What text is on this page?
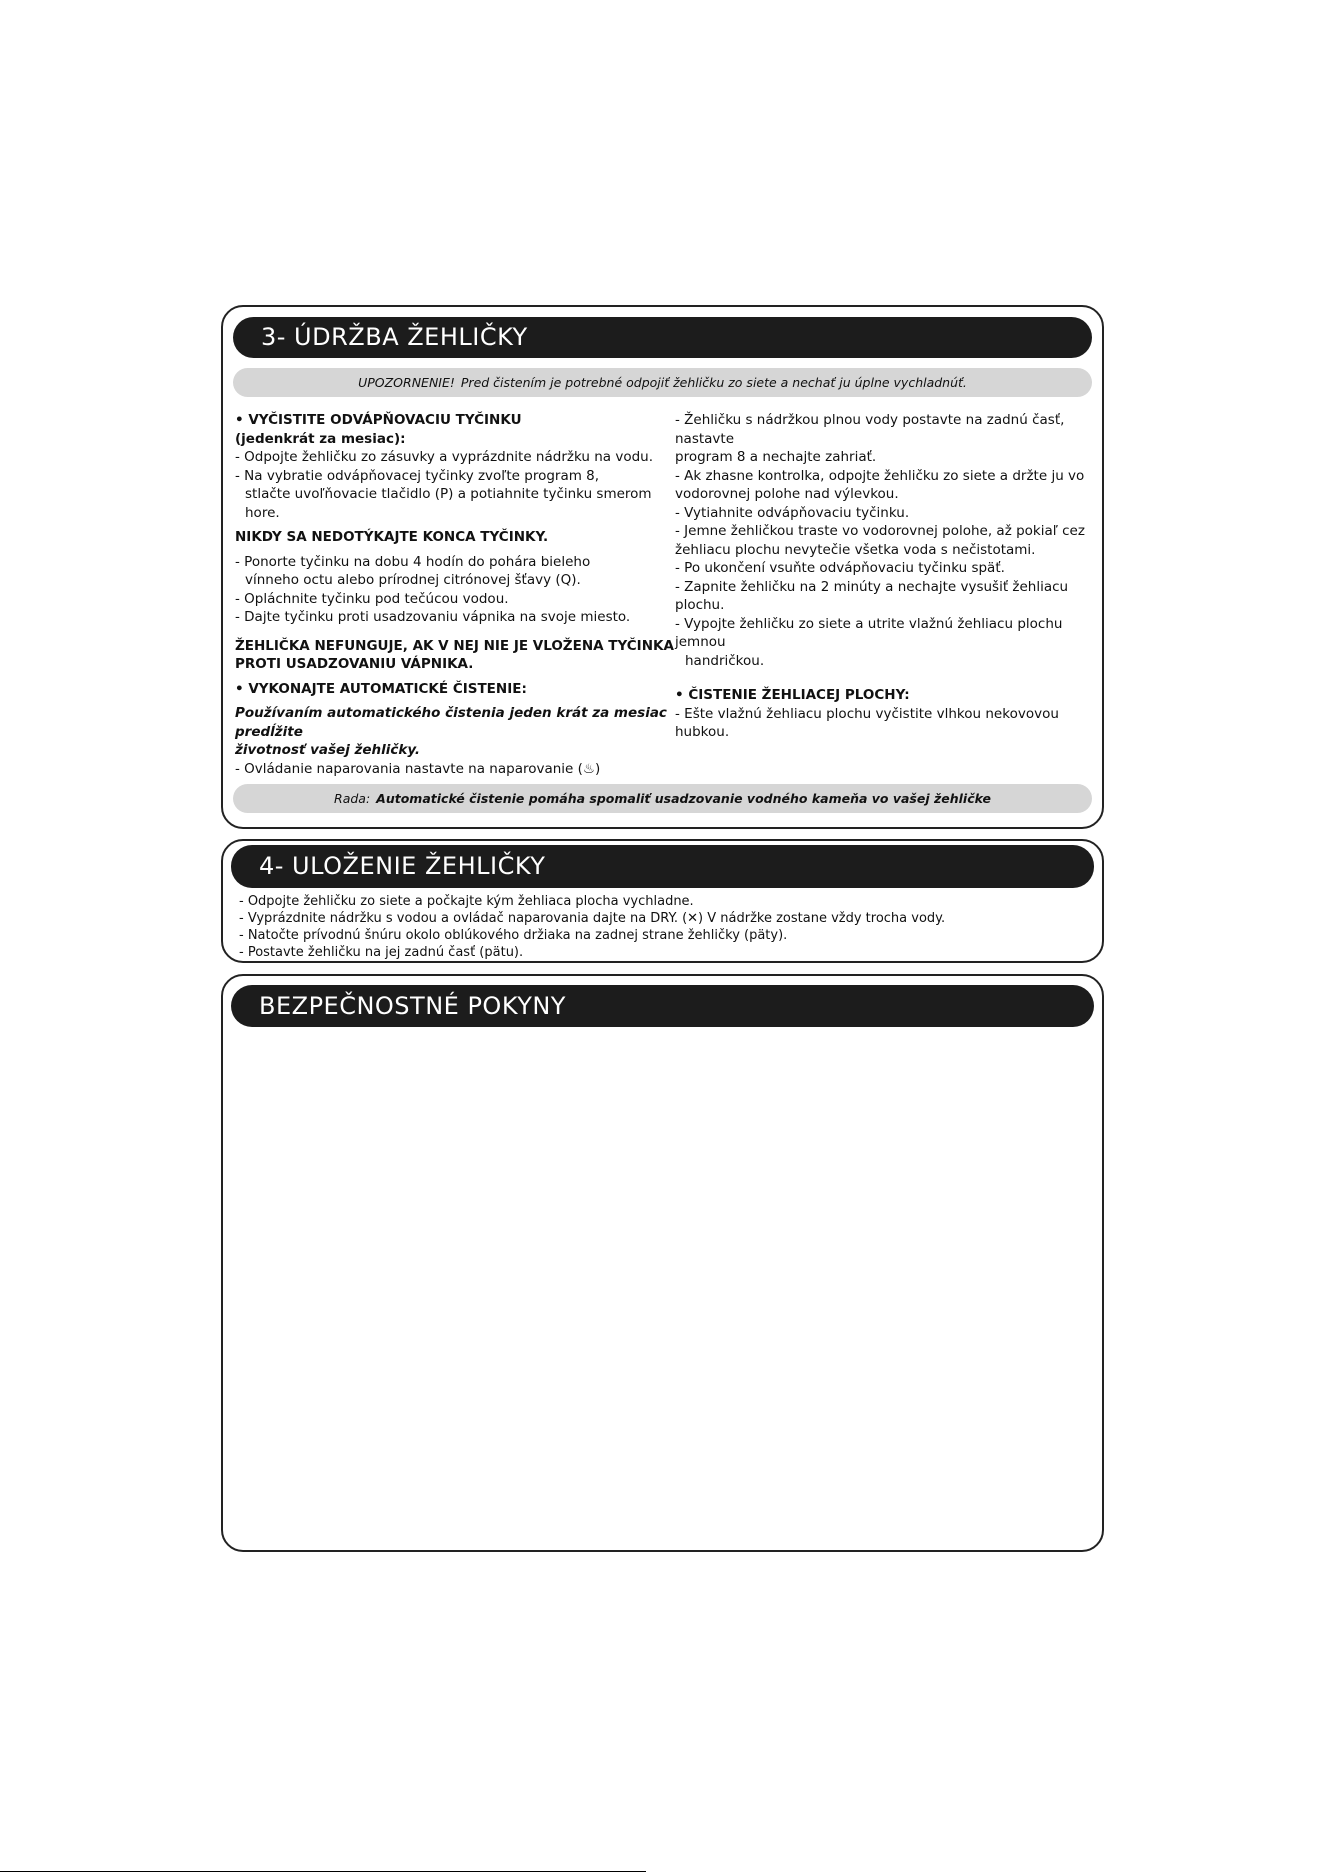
3- ÚDRŽBA ŽEHLIČKY
UPOZORNENIE! Pred čistením je potrebné odpojiť žehličku zo siete a nechať ju úplne vychladnúť.

• VYČISTITE ODVÁPŇOVACIU TYČINKU

(jedenkrát za mesiac):

- Odpojte žehličku zo zásuvky a vyprázdnite nádržku na vodu.

- Na vybratie odvápňovacej tyčinky zvoľte program 8,

stlačte uvoľňovacie tlačidlo (P) a potiahnite tyčinku smerom

hore.

NIKDY SA NEDOTÝKAJTE KONCA TYČINKY.

- Ponorte tyčinku na dobu 4 hodín do pohára bieleho

vínneho octu alebo prírodnej citrónovej šťavy (Q).

- Opláchnite tyčinku pod tečúcou vodou.

- Dajte tyčinku proti usadzovaniu vápnika na svoje miesto.

ŽEHLIČKA NEFUNGUJE, AK V NEJ NIE JE VLOŽENA TYČINKA

PROTI USADZOVANIU VÁPNIKA.

• VYKONAJTE AUTOMATICKÉ ČISTENIE:

Používaním automatického čistenia jeden krát za mesiac predĺžite

životnosť vašej žehličky.

- Ovládanie naparovania nastavte na naparovanie (♨)

- Žehličku s nádržkou plnou vody postavte na zadnú časť, nastavte

program 8 a nechajte zahriať.

- Ak zhasne kontrolka, odpojte žehličku zo siete a držte ju vo

vodorovnej polohe nad výlevkou.

- Vytiahnite odvápňovaciu tyčinku.

- Jemne žehličkou traste vo vodorovnej polohe, až pokiaľ cez

žehliacu plochu nevytečie všetka voda s nečistotami.

- Po ukončení vsuňte odvápňovaciu tyčinku späť.

- Zapnite žehličku na 2 minúty a nechajte vysušiť žehliacu plochu.

- Vypojte žehličku zo siete a utrite vlažnú žehliacu plochu jemnou

handričkou.

• ČISTENIE ŽEHLIACEJ PLOCHY:

- Ešte vlažnú žehliacu plochu vyčistite vlhkou nekovovou hubkou.

Rada: Automatické čistenie pomáha spomaliť usadzovanie vodného kameňa vo vašej žehličke
4- ULOŽENIE ŽEHLIČKY

- Odpojte žehličku zo siete a počkajte kým žehliaca plocha vychladne.

- Vyprázdnite nádržku s vodou a ovládač naparovania dajte na DRY. (✕) V nádržke zostane vždy trocha vody.

- Natočte prívodnú šnúru okolo oblúkového držiaka na zadnej strane žehličky (päty).

- Postavte žehličku na jej zadnú časť (pätu).

BEZPEČNOSTNÉ POKYNY
